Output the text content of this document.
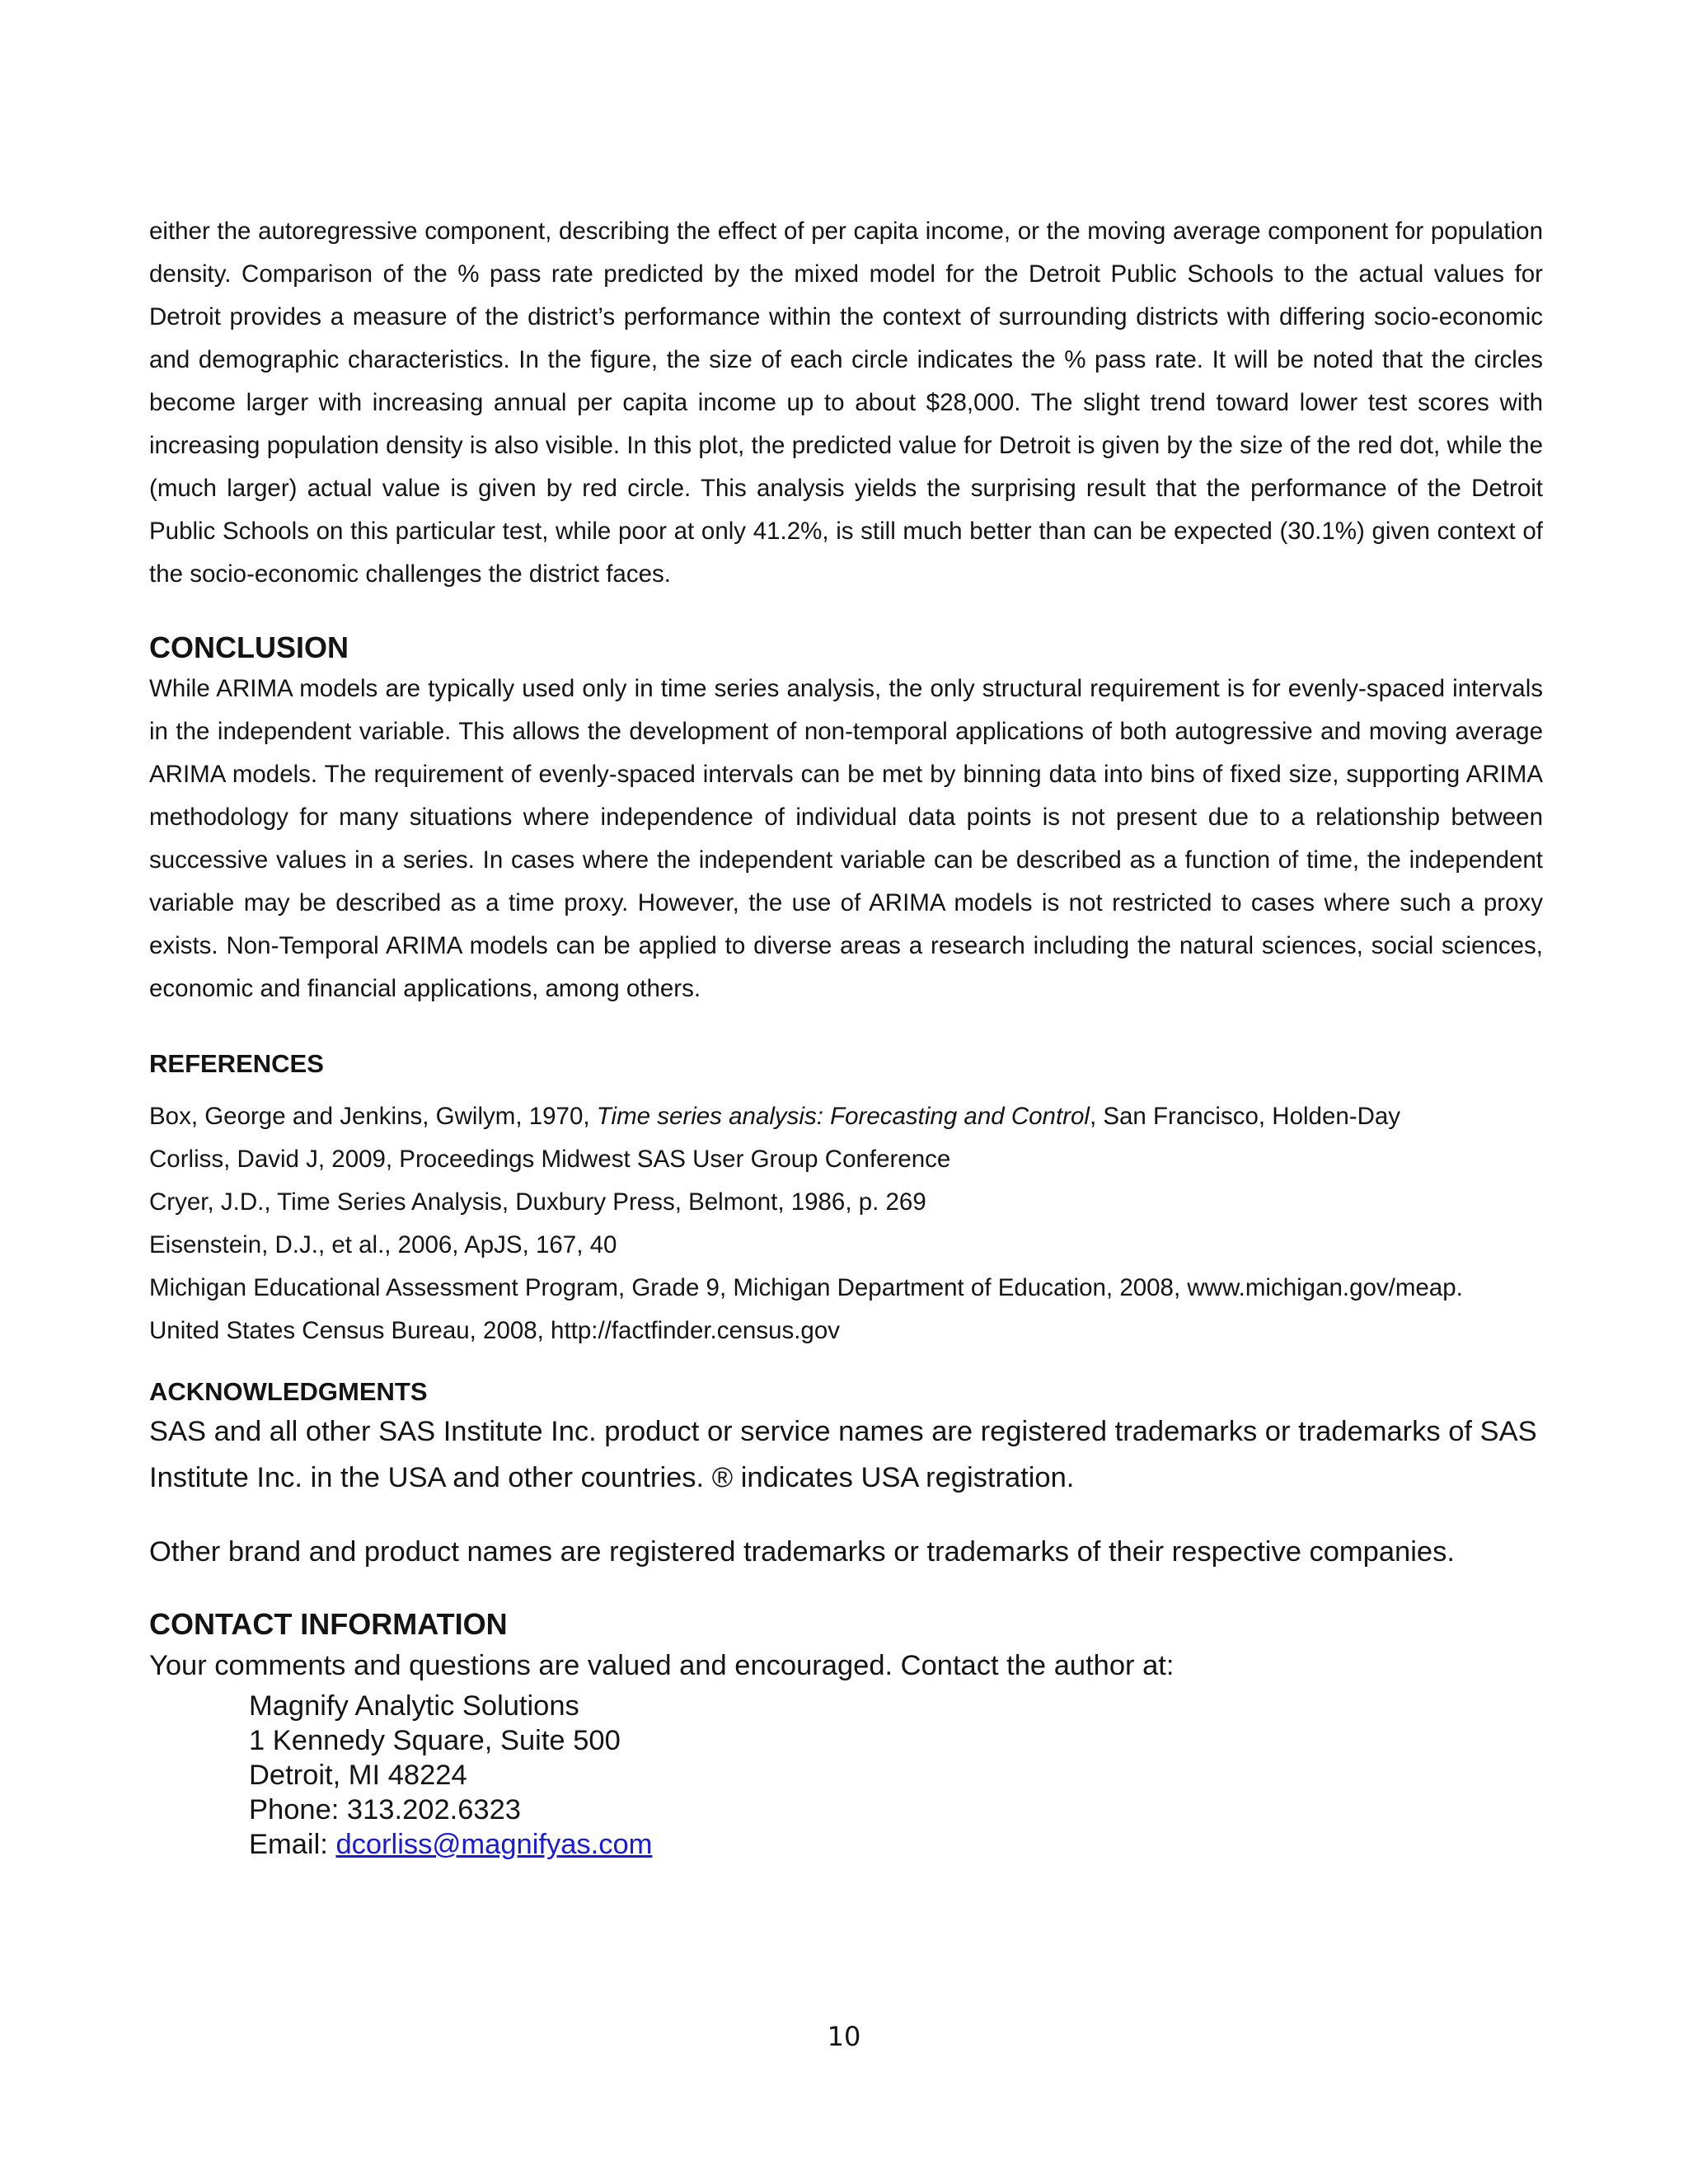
either the autoregressive component, describing the effect of per capita income, or the moving average component for population density. Comparison of the % pass rate predicted by the mixed model for the Detroit Public Schools to the actual values for Detroit provides a measure of the district’s performance within the context of surrounding districts with differing socio-economic and demographic characteristics. In the figure, the size of each circle indicates the % pass rate. It will be noted that the circles become larger with increasing annual per capita income up to about $28,000. The slight trend toward lower test scores with increasing population density is also visible. In this plot, the predicted value for Detroit is given by the size of the red dot, while the (much larger) actual value is given by red circle. This analysis yields the surprising result that the performance of the Detroit Public Schools on this particular test, while poor at only 41.2%, is still much better than can be expected (30.1%) given context of the socio-economic challenges the district faces.

CONCLUSION

While ARIMA models are typically used only in time series analysis, the only structural requirement is for evenly-spaced intervals in the independent variable. This allows the development of non-temporal applications of both autogressive and moving average ARIMA models. The requirement of evenly-spaced intervals can be met by binning data into bins of fixed size, supporting ARIMA methodology for many situations where independence of individual data points is not present due to a relationship between successive values in a series. In cases where the independent variable can be described as a function of time, the independent variable may be described as a time proxy. However, the use of ARIMA models is not restricted to cases where such a proxy exists. Non-Temporal ARIMA models can be applied to diverse areas a research including the natural sciences, social sciences, economic and financial applications, among others.

REFERENCES
Box, George and Jenkins, Gwilym, 1970, Time series analysis: Forecasting and Control, San Francisco, Holden-Day
Corliss, David J, 2009, Proceedings Midwest SAS User Group Conference
Cryer, J.D., Time Series Analysis, Duxbury Press, Belmont, 1986, p. 269
Eisenstein, D.J., et al., 2006, ApJS, 167, 40
Michigan Educational Assessment Program, Grade 9, Michigan Department of Education, 2008, www.michigan.gov/meap.
United States Census Bureau, 2008, http://factfinder.census.gov
ACKNOWLEDGMENTS

SAS and all other SAS Institute Inc. product or service names are registered trademarks or trademarks of SAS Institute Inc. in the USA and other countries. ® indicates USA registration.

Other brand and product names are registered trademarks or trademarks of their respective companies.

CONTACT INFORMATION

Your comments and questions are valued and encouraged. Contact the author at:

Magnify Analytic Solutions
1 Kennedy Square, Suite 500
Detroit, MI 48224
Phone: 313.202.6323
Email: dcorliss@magnifyas.com
10
